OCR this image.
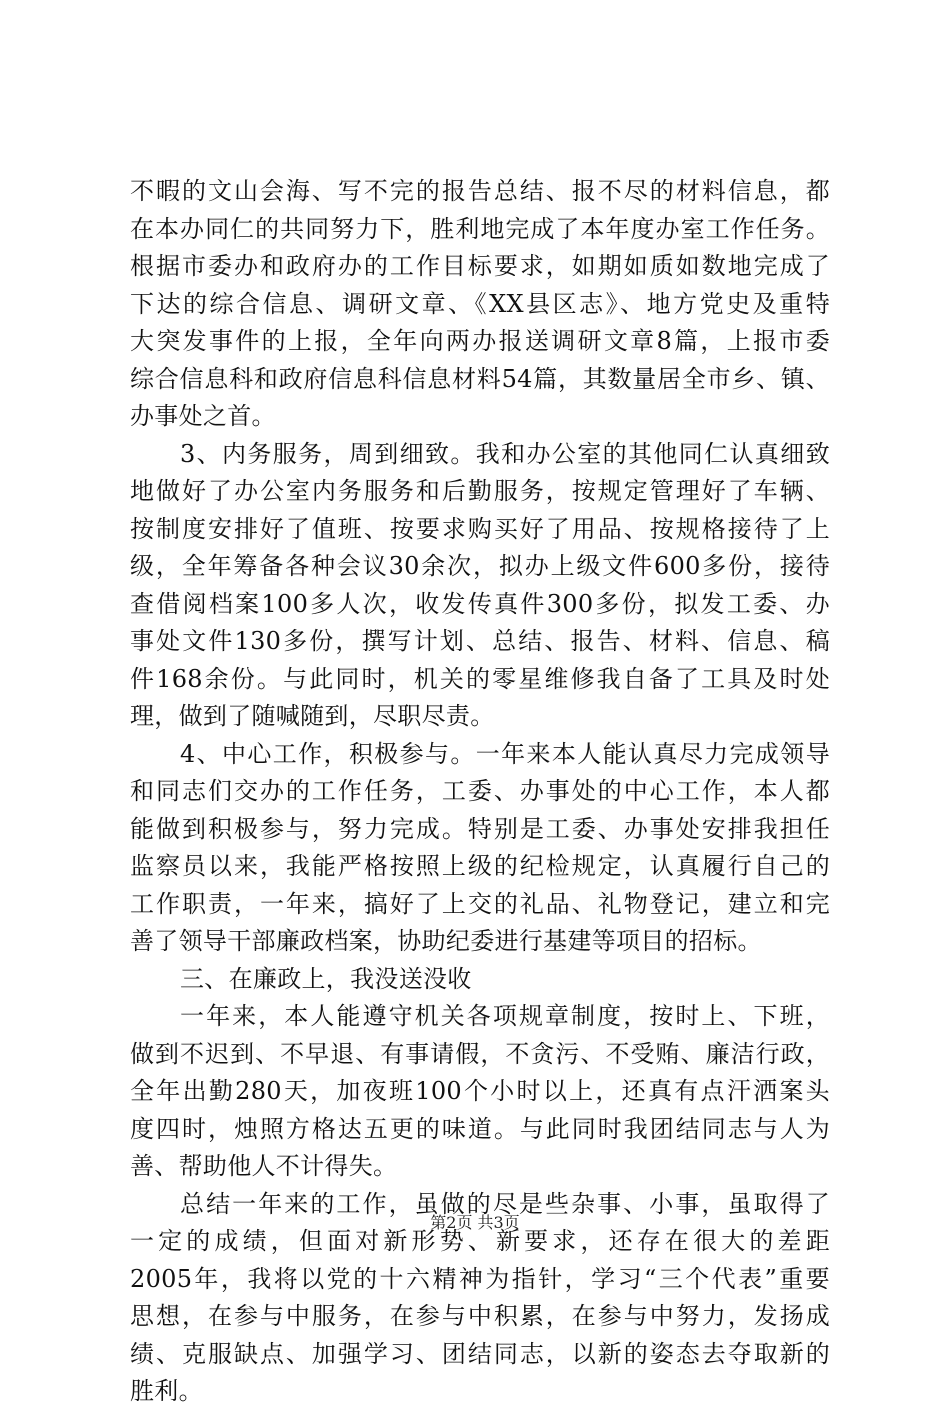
不暇的文山会海、写不完的报告总结、报不尽的材料信息，都
在本办同仁的共同努力下，胜利地完成了本年度办室工作任务。
根据市委办和政府办的工作目标要求，如期如质如数地完成了
下达的综合信息、调研文章、《XX县区志》、地方党史及重特
大突发事件的上报，全年向两办报送调研文章8篇，上报市委
综合信息科和政府信息科信息材料54篇，其数量居全市乡、镇、
办事处之首。
3、内务服务，周到细致。我和办公室的其他同仁认真细致
地做好了办公室内务服务和后勤服务，按规定管理好了车辆、
按制度安排好了值班、按要求购买好了用品、按规格接待了上
级，全年筹备各种会议30余次，拟办上级文件600多份，接待
查借阅档案100多人次，收发传真件300多份，拟发工委、办
事处文件130多份，撰写计划、总结、报告、材料、信息、稿
件168余份。与此同时，机关的零星维修我自备了工具及时处
理，做到了随喊随到，尽职尽责。
4、中心工作，积极参与。一年来本人能认真尽力完成领导
和同志们交办的工作任务，工委、办事处的中心工作，本人都
能做到积极参与，努力完成。特别是工委、办事处安排我担任
监察员以来，我能严格按照上级的纪检规定，认真履行自己的
工作职责，一年来，搞好了上交的礼品、礼物登记，建立和完
善了领导干部廉政档案，协助纪委进行基建等项目的招标。
三、在廉政上，我没送没收
一年来，本人能遵守机关各项规章制度，按时上、下班，
做到不迟到、不早退、有事请假，不贪污、不受贿、廉洁行政，
全年出勤280天，加夜班100个小时以上，还真有点汗洒案头
度四时，烛照方格达五更的味道。与此同时我团结同志与人为
善、帮助他人不计得失。
总结一年来的工作，虽做的尽是些杂事、小事，虽取得了
一定的成绩，但面对新形势、新要求，还存在很大的差距
2005年，我将以党的十六精神为指针，学习“三个代表”重要
思想，在参与中服务，在参与中积累，在参与中努力，发扬成
绩、克服缺点、加强学习、团结同志，以新的姿态去夺取新的
胜利。
第2页 共3页
